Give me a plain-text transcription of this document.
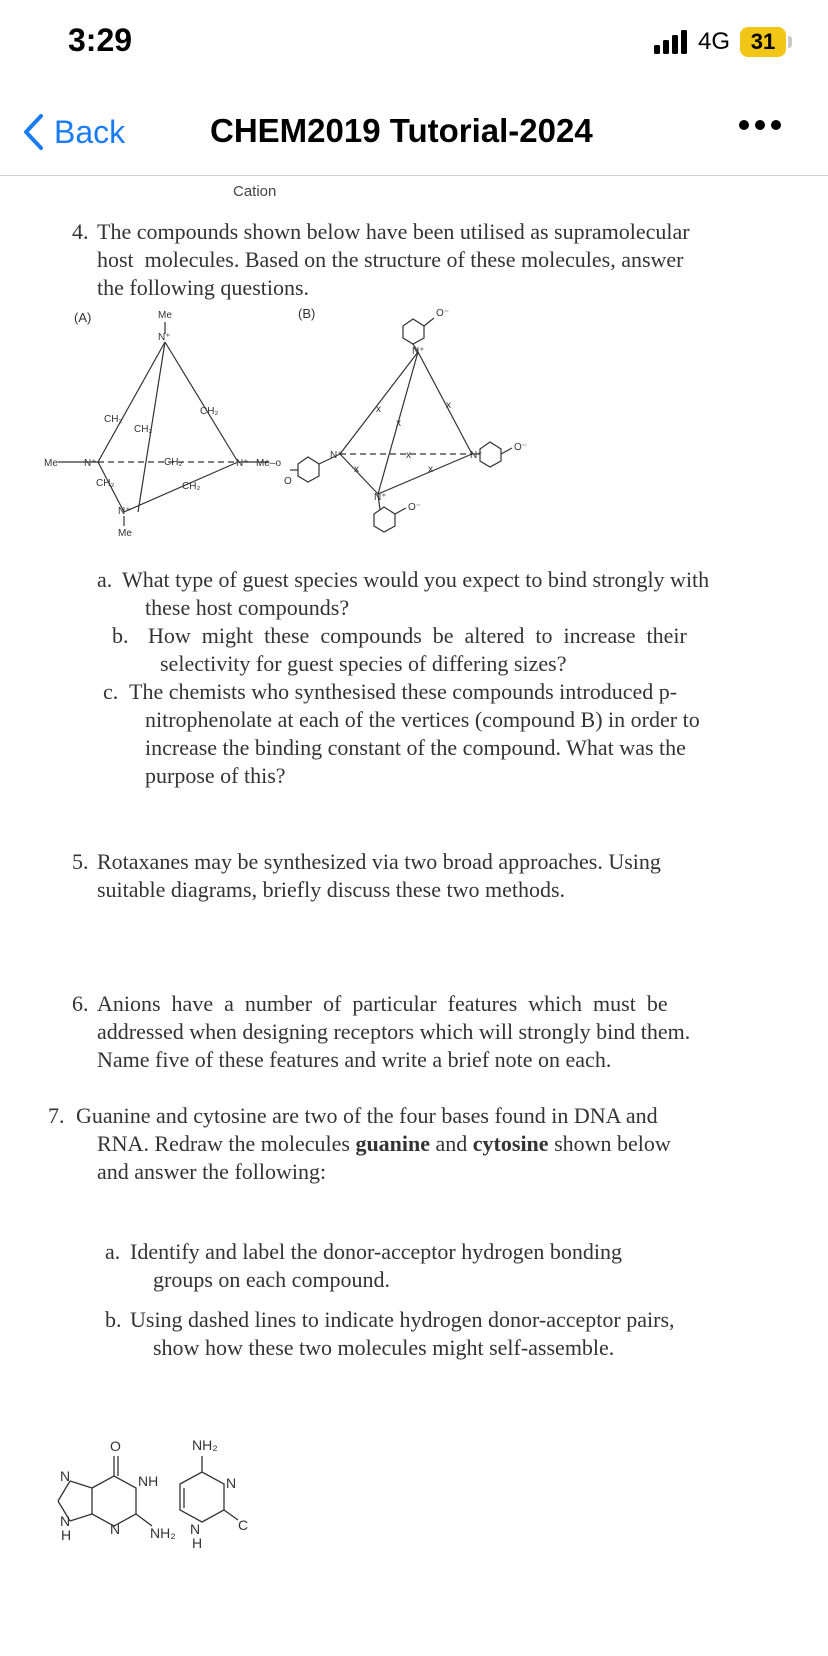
3:29	4G 31
Back	CHEM2019 Tutorial-2024
Cation
4. The compounds shown below have been utilised as supramolecular
host  molecules. Based on the structure of these molecules, answer
the following questions.
(A)	(B)
Me
N⁺
CH₂
CH₂
CH₂
CH₂
CH₂	CH₂
Me	N⁺	N⁺
N⁺
Me
Me–o
N⁺
N⁺	N⁺
N⁺
x	x
x
x
x	x
O⁻
O⁻
O⁻
O
a. What type of guest species would you expect to bind strongly with
these host compounds?
b. How  might  these  compounds  be  altered  to  increase  their
selectivity for guest species of differing sizes?
c. The chemists who synthesised these compounds introduced p-
nitrophenolate at each of the vertices (compound B) in order to
increase the binding constant of the compound. What was the
purpose of this?
5. Rotaxanes may be synthesized via two broad approaches. Using
suitable diagrams, briefly discuss these two methods.
6. Anions  have  a  number  of  particular  features  which  must  be
addressed when designing receptors which will strongly bind them.
Name five of these features and write a brief note on each.
7. Guanine and cytosine are two of the four bases found in DNA and
RNA. Redraw the molecules guanine and cytosine shown below
and answer the following:
a. Identify and label the donor-acceptor hydrogen bonding
groups on each compound.
b. Using dashed lines to indicate hydrogen donor-acceptor pairs,
show how these two molecules might self-assemble.
O
NH
N
N
H	N NH₂
NH₂
N
N
H
C
